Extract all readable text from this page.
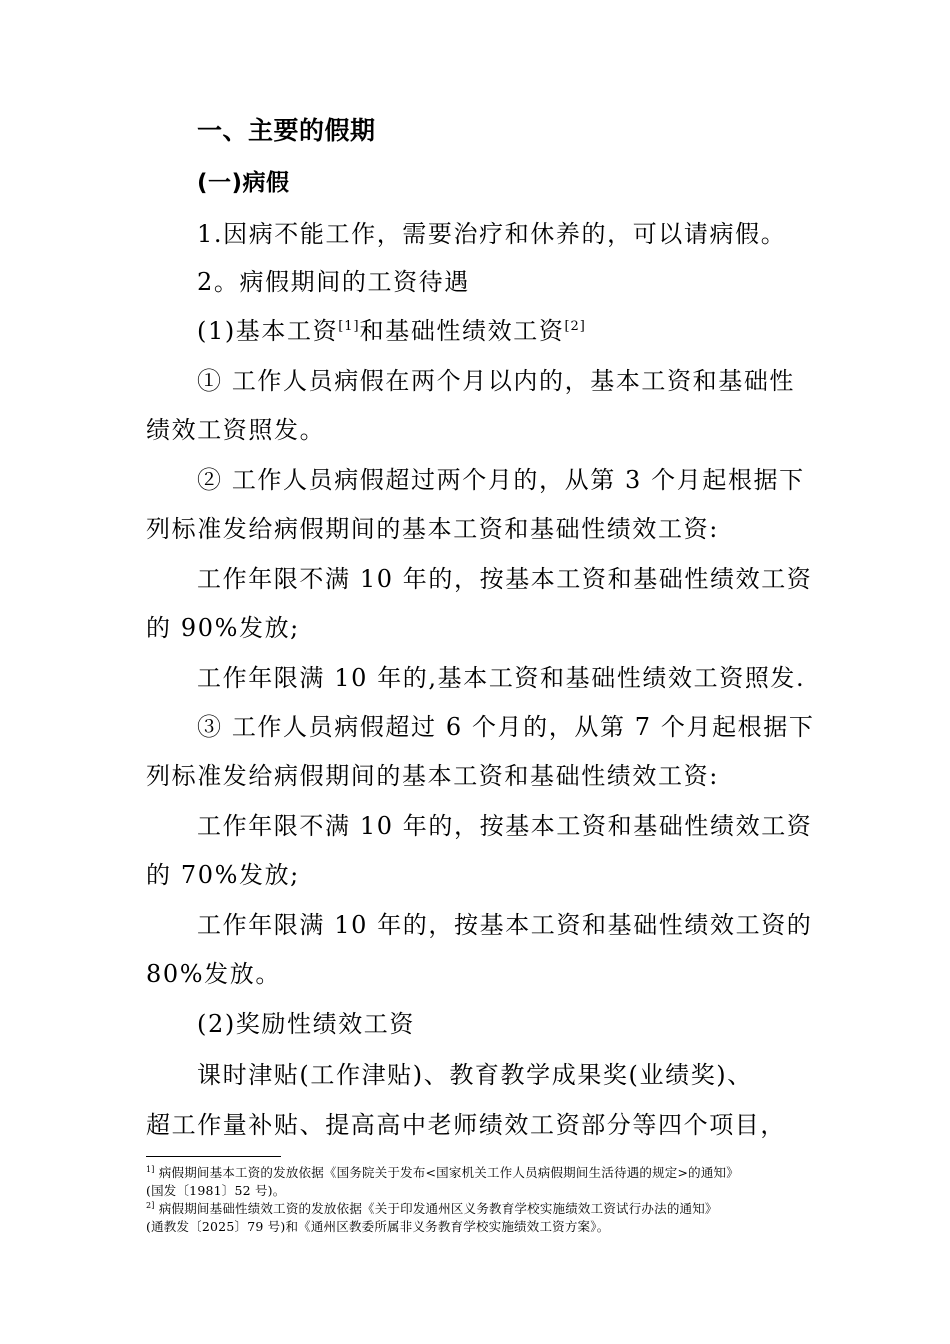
一、主要的假期
(一)病假
1.因病不能工作，需要治疗和休养的，可以请病假。
2。病假期间的工资待遇
(1)基本工资[1]和基础性绩效工资[2]
① 工作人员病假在两个月以内的，基本工资和基础性
绩效工资照发。
② 工作人员病假超过两个月的，从第 3 个月起根据下
列标准发给病假期间的基本工资和基础性绩效工资:
工作年限不满 10 年的，按基本工资和基础性绩效工资
的 90%发放;
工作年限满 10 年的,基本工资和基础性绩效工资照发.
③ 工作人员病假超过 6 个月的，从第 7 个月起根据下
列标准发给病假期间的基本工资和基础性绩效工资:
工作年限不满 10 年的，按基本工资和基础性绩效工资
的 70%发放;
工作年限满 10 年的，按基本工资和基础性绩效工资的
80%发放。
(2)奖励性绩效工资
课时津贴(工作津贴)、教育教学成果奖(业绩奖)、
超工作量补贴、提高高中老师绩效工资部分等四个项目，
$^{1]}$ 病假期间基本工资的发放依据《国务院关于发布<国家机关工作人员病假期间生活待遇的规定>的通知》
(国发〔1981〕52 号)。
$^{2]}$ 病假期间基础性绩效工资的发放依据《关于印发通州区义务教育学校实施绩效工资试行办法的通知》
(通教发〔2025〕79 号)和《通州区教委所属非义务教育学校实施绩效工资方案》。
